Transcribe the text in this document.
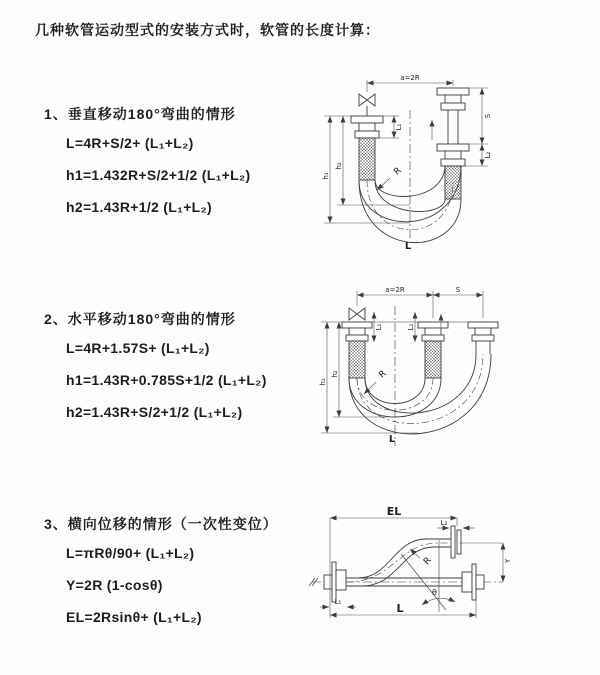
几种软管运动型式的安装方式时，软管的长度计算：
1、垂直移动180°弯曲的情形
L=4R+S/2+ (L₁+L₂)
h1=1.432R+S/2+1/2 (L₁+L₂)
h2=1.43R+1/2 (L₁+L₂)
2、水平移动180°弯曲的情形
L=4R+1.57S+ (L₁+L₂)
h1=1.43R+0.785S+1/2 (L₁+L₂)
h2=1.43R+S/2+1/2 (L₁+L₂)
3、横向位移的情形（一次性变位）
L=πRθ/90+ (L₁+L₂)
Y=2R (1-cosθ)
EL=2Rsinθ+ (L₁+L₂)
a=2R
L₁
S
L₂
h₁
h₂	R
L
a=2R	S
L₁	L₂
h₁
h₂	R
L
EL
L₂
Y
R
θ
L
L₁
